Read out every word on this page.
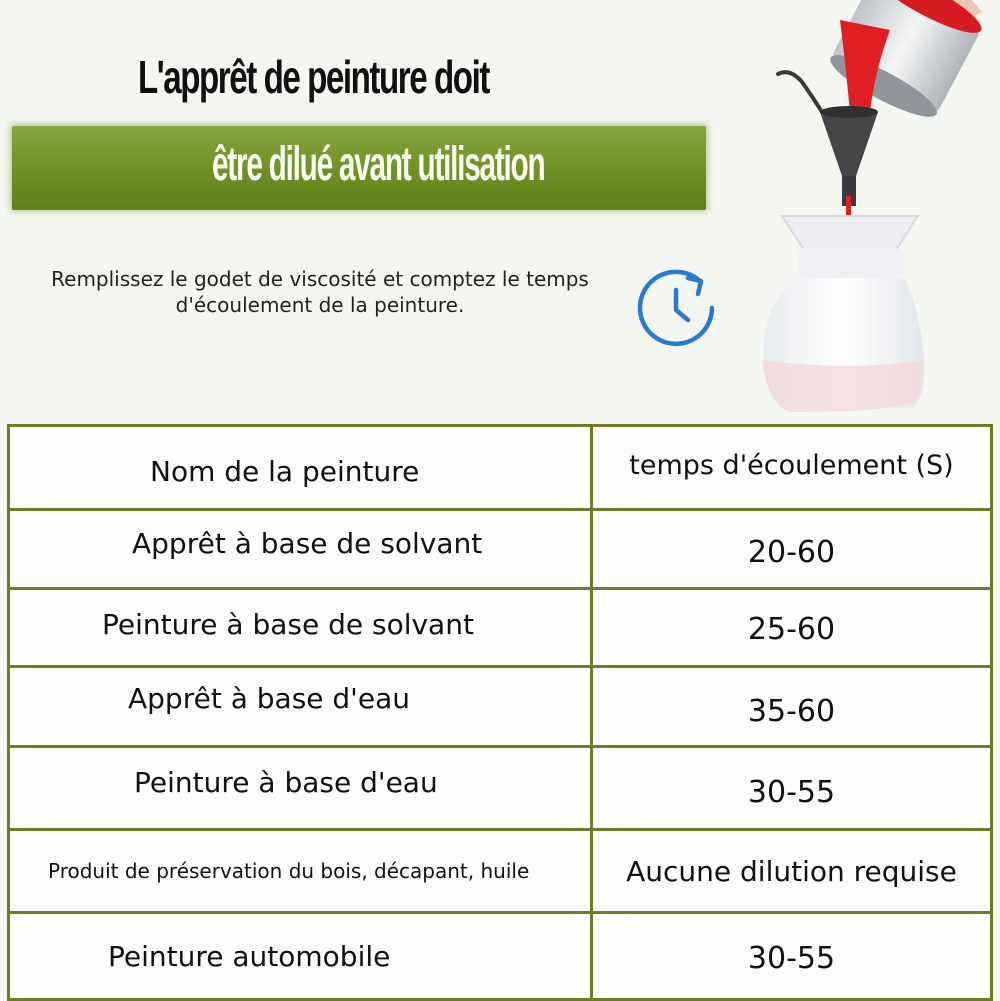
L'apprêt de peinture doit
être dilué avant utilisation
Remplissez le godet de viscosité et comptez le temps d'écoulement de la peinture.
Nom de la peinture	temps d'écoulement (S)

Apprêt à base de solvant	20-60

Peinture à base de solvant	25-60

Apprêt à base d'eau	35-60

Peinture à base d'eau	30-55

Produit de préservation du bois, décapant, huile	Aucune dilution requise

Peinture automobile	30-55
